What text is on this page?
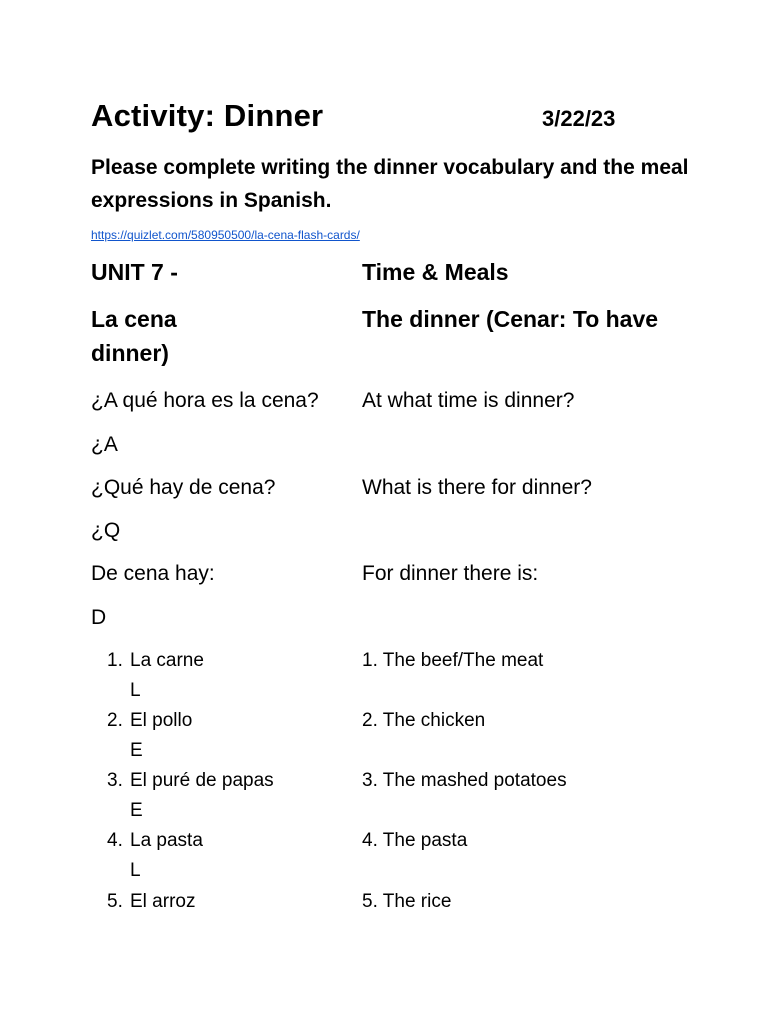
Activity: Dinner	3/22/23
Please complete writing the dinner vocabulary and the meal expressions in Spanish.
https://quizlet.com/580950500/la-cena-flash-cards/
UNIT 7 -	Time & Meals
La cena	The dinner (Cenar: To have
dinner)
¿A qué hora es la cena? At what time is dinner?
¿A
¿Qué hay de cena?	What is there for dinner?
¿Q
De cena hay:	For dinner there is:
D
1. La carne	1. The beef/The meat
L
2. El pollo	2. The chicken
E
3. El puré de papas	3. The mashed potatoes
E
4. La pasta	4. The pasta
L
5. El arroz	5. The rice
